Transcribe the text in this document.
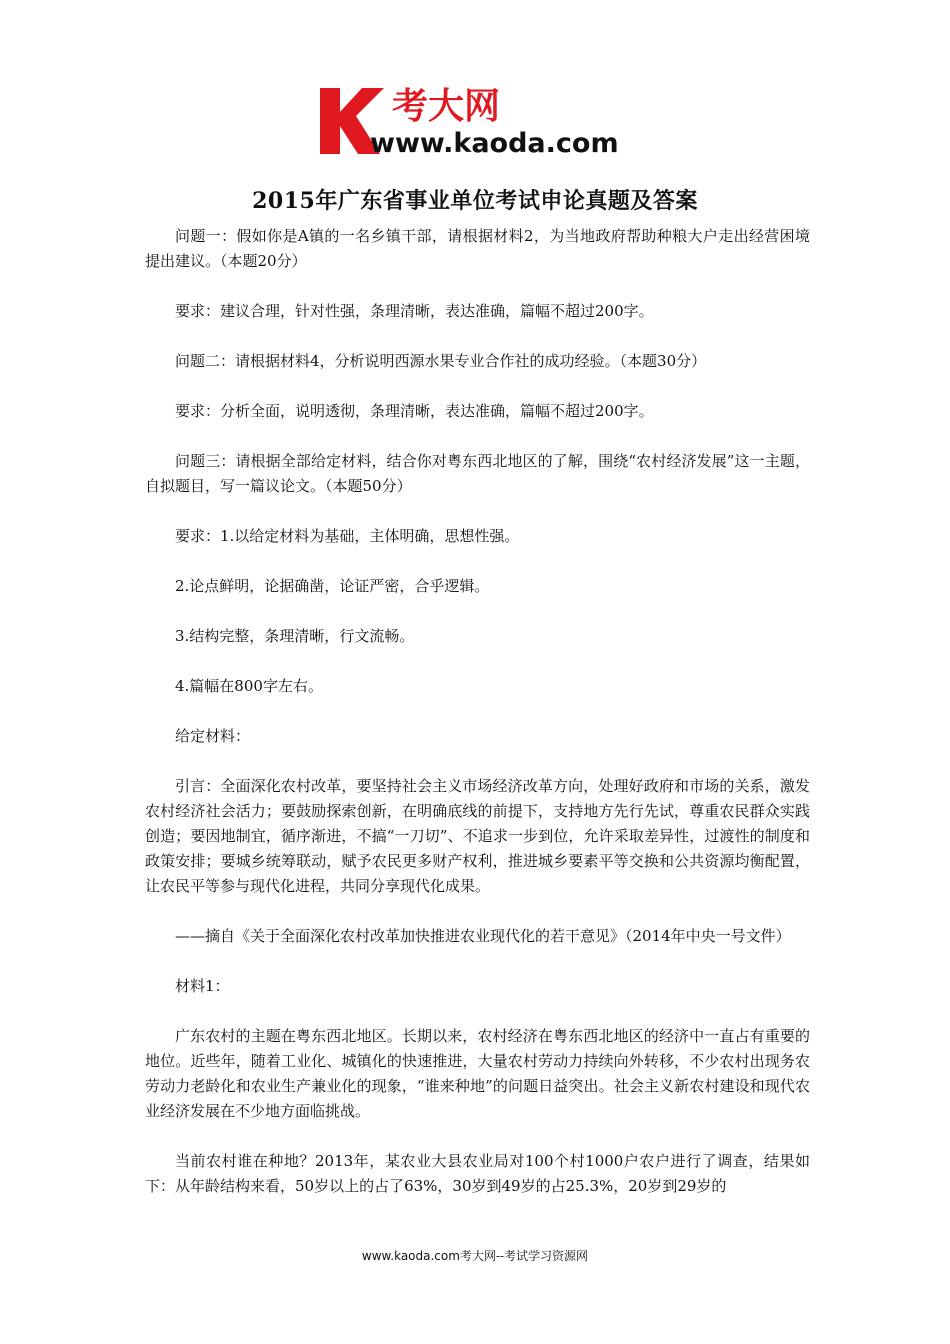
考大网
www.kaoda.com
2015年广东省事业单位考试申论真题及答案

问题一：假如你是A镇的一名乡镇干部，请根据材料2，为当地政府帮助种粮大户走出经营困境提出建议。（本题20分）

要求：建议合理，针对性强，条理清晰，表达准确，篇幅不超过200字。

问题二：请根据材料4，分析说明西源水果专业合作社的成功经验。（本题30分）

要求：分析全面，说明透彻，条理清晰，表达准确，篇幅不超过200字。

问题三：请根据全部给定材料，结合你对粤东西北地区的了解，围绕“农村经济发展”这一主题，自拟题目，写一篇议论文。（本题50分）

要求：1.以给定材料为基础，主体明确，思想性强。

2.论点鲜明，论据确凿，论证严密，合乎逻辑。

3.结构完整，条理清晰，行文流畅。

4.篇幅在800字左右。

给定材料：

引言：全面深化农村改革，要坚持社会主义市场经济改革方向，处理好政府和市场的关系，激发农村经济社会活力；要鼓励探索创新，在明确底线的前提下，支持地方先行先试，尊重农民群众实践创造；要因地制宜，循序渐进，不搞“一刀切”、不追求一步到位，允许采取差异性，过渡性的制度和政策安排；要城乡统筹联动，赋予农民更多财产权利，推进城乡要素平等交换和公共资源均衡配置，让农民平等参与现代化进程，共同分享现代化成果。

——摘自《关于全面深化农村改革加快推进农业现代化的若干意见》（2014年中央一号文件）

材料1：

广东农村的主题在粤东西北地区。长期以来，农村经济在粤东西北地区的经济中一直占有重要的地位。近些年，随着工业化、城镇化的快速推进，大量农村劳动力持续向外转移，不少农村出现务农劳动力老龄化和农业生产兼业化的现象，“谁来种地”的问题日益突出。社会主义新农村建设和现代农业经济发展在不少地方面临挑战。

当前农村谁在种地？2013年，某农业大县农业局对100个村1000户农户进行了调查，结果如下：从年龄结构来看，50岁以上的占了63%，30岁到49岁的占25.3%，20岁到29岁的

www.kaoda.com考大网--考试学习资源网
